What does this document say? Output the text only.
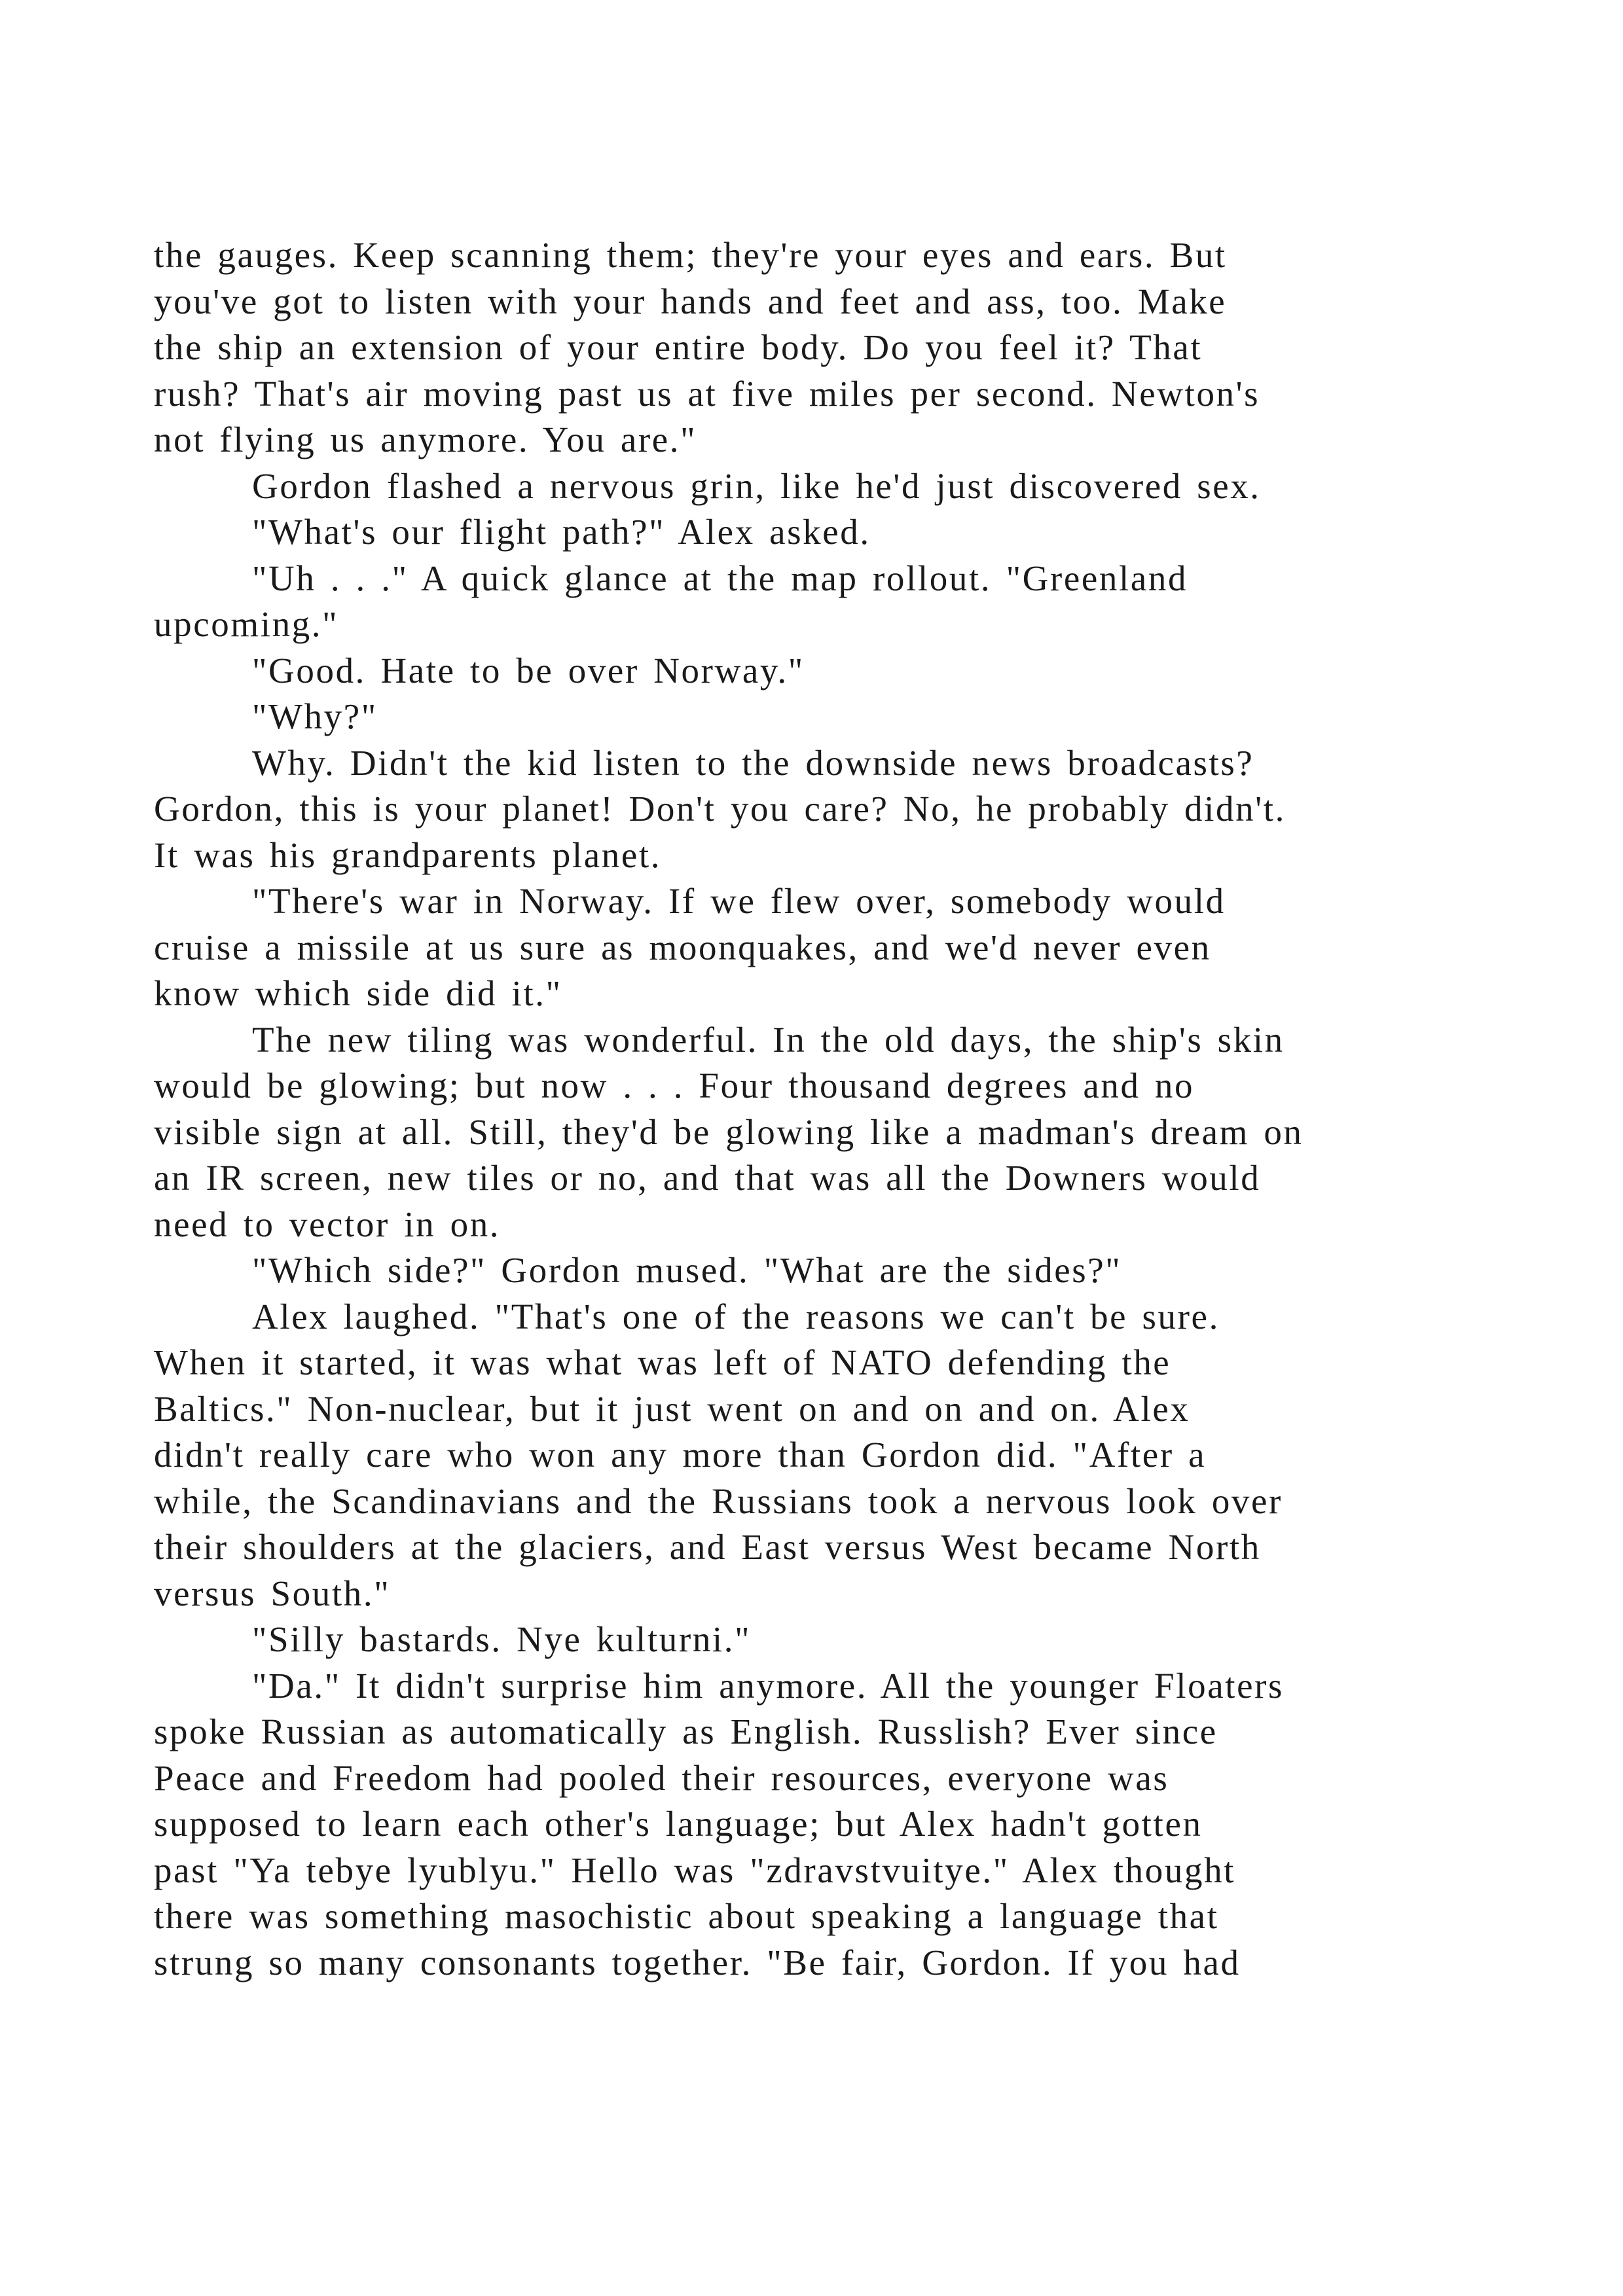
the gauges. Keep scanning them; they're your eyes and ears. But
you've got to listen with your hands and feet and ass, too. Make
the ship an extension of your entire body. Do you feel it? That
rush? That's air moving past us at five miles per second. Newton's
not flying us anymore. You are."
Gordon flashed a nervous grin, like he'd just discovered sex.
"What's our flight path?" Alex asked.
"Uh . . ." A quick glance at the map rollout. "Greenland
upcoming."
"Good. Hate to be over Norway."
"Why?"
Why. Didn't the kid listen to the downside news broadcasts?
Gordon, this is your planet! Don't you care? No, he probably didn't.
It was his grandparents planet.
"There's war in Norway. If we flew over, somebody would
cruise a missile at us sure as moonquakes, and we'd never even
know which side did it."
The new tiling was wonderful. In the old days, the ship's skin
would be glowing; but now . . . Four thousand degrees and no
visible sign at all. Still, they'd be glowing like a madman's dream on
an IR screen, new tiles or no, and that was all the Downers would
need to vector in on.
"Which side?" Gordon mused. "What are the sides?"
Alex laughed. "That's one of the reasons we can't be sure.
When it started, it was what was left of NATO defending the
Baltics." Non-nuclear, but it just went on and on and on. Alex
didn't really care who won any more than Gordon did. "After a
while, the Scandinavians and the Russians took a nervous look over
their shoulders at the glaciers, and East versus West became North
versus South."
"Silly bastards. Nye kulturni."
"Da." It didn't surprise him anymore. All the younger Floaters
spoke Russian as automatically as English. Russlish? Ever since
Peace and Freedom had pooled their resources, everyone was
supposed to learn each other's language; but Alex hadn't gotten
past "Ya tebye lyublyu." Hello was "zdravstvuitye." Alex thought
there was something masochistic about speaking a language that
strung so many consonants together. "Be fair, Gordon. If you had
